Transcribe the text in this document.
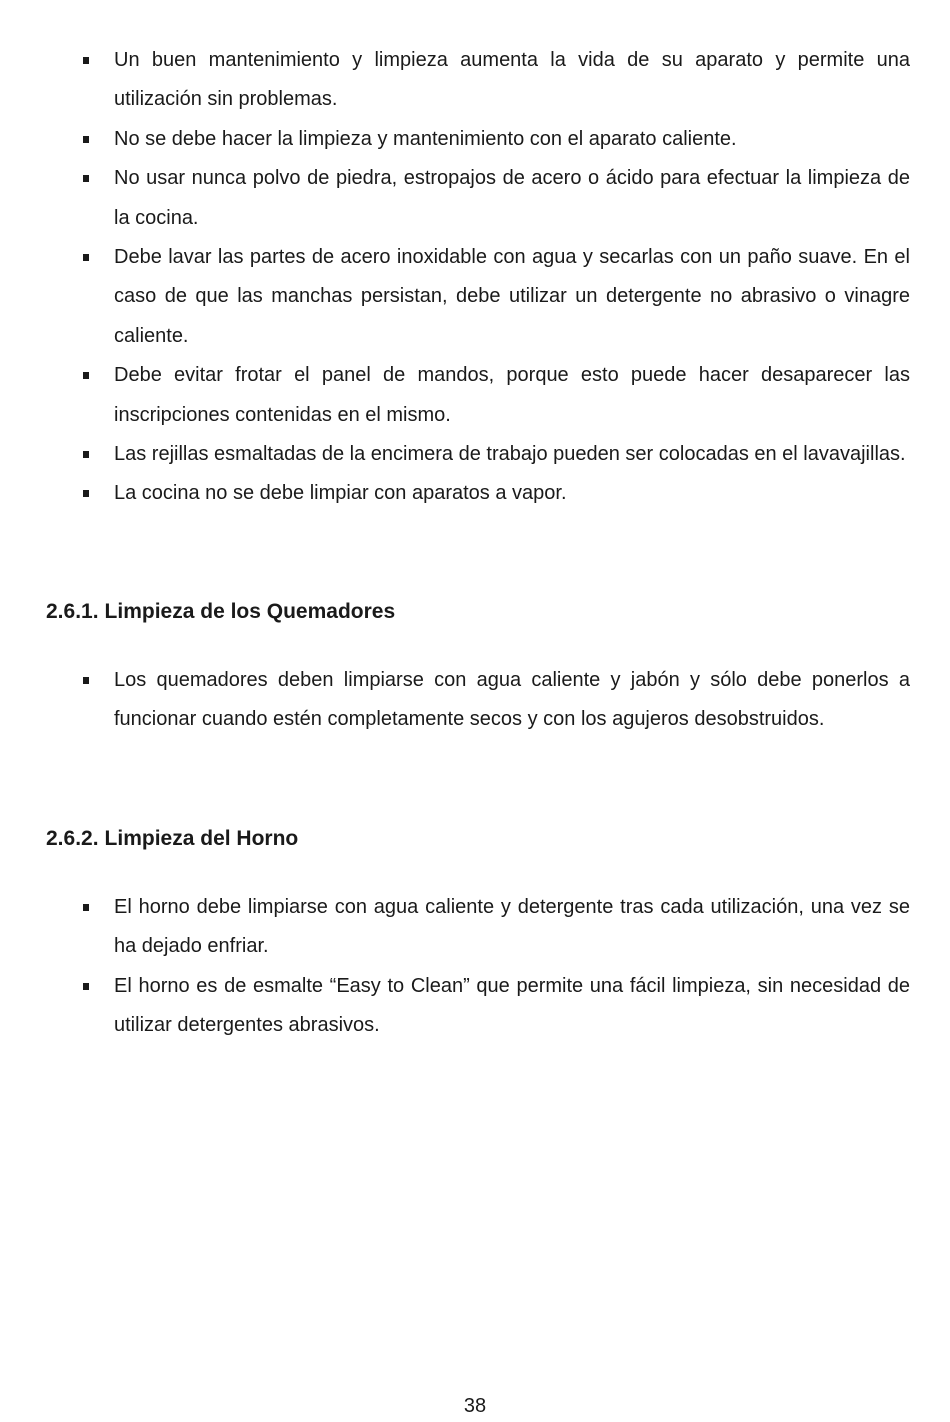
Un buen mantenimiento y limpieza aumenta la vida de su aparato y permite una utilización sin problemas.
No se debe hacer la limpieza y mantenimiento con el aparato caliente.
No usar nunca polvo de piedra, estropajos de acero o ácido para efectuar la limpieza de la cocina.
Debe lavar las partes de acero inoxidable con agua y secarlas con un paño suave. En el caso de que las manchas persistan, debe utilizar un detergente no abrasivo o vinagre caliente.
Debe evitar frotar el panel de mandos, porque esto puede hacer desaparecer las inscripciones contenidas en el mismo.
Las rejillas esmaltadas de la encimera de trabajo pueden ser colocadas en el lavavajillas.
La cocina no se debe limpiar con aparatos a vapor.
2.6.1. Limpieza de los Quemadores
Los quemadores deben limpiarse con agua caliente y jabón y sólo debe ponerlos a funcionar cuando estén completamente secos y con los agujeros desobstruidos.
2.6.2. Limpieza del Horno
El horno debe limpiarse con agua caliente y detergente tras cada utilización, una vez se ha dejado enfriar.
El horno es de esmalte “Easy to Clean” que permite una fácil limpieza, sin necesidad de utilizar detergentes abrasivos.
38
